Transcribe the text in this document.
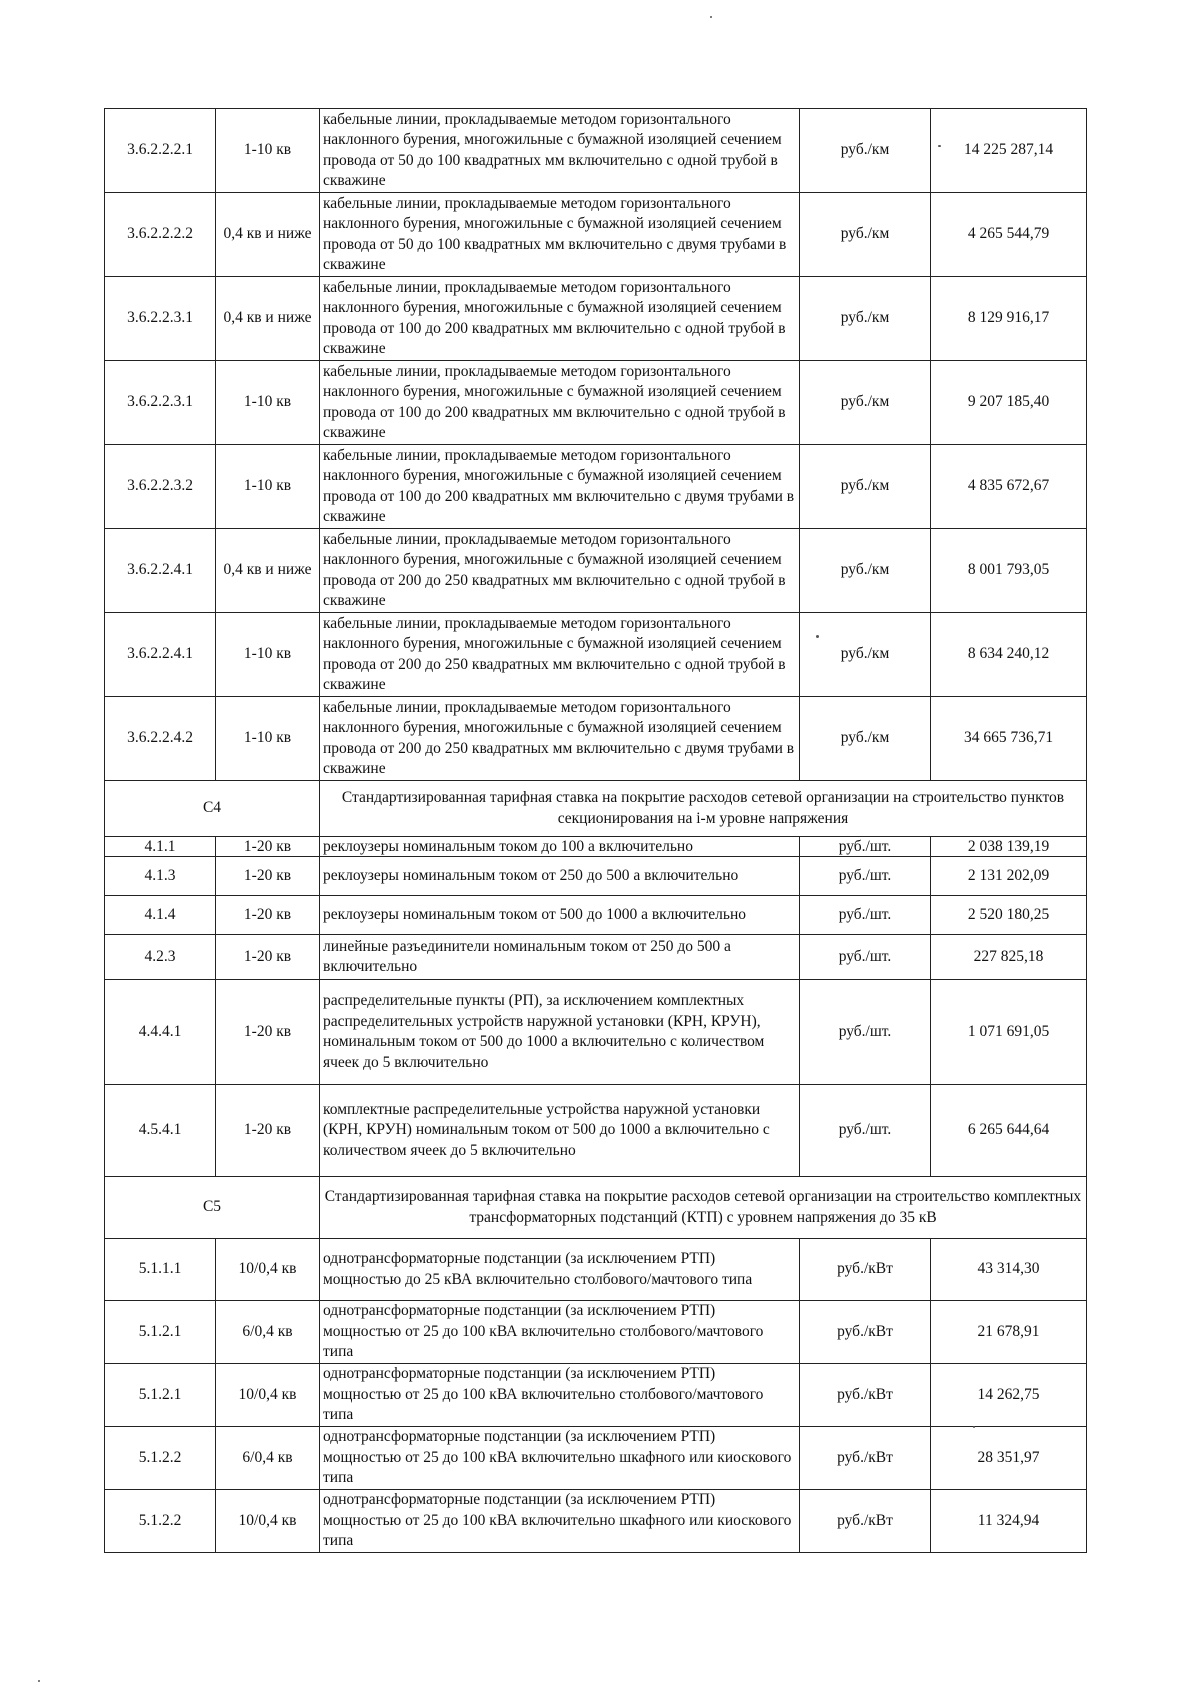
3.6.2.2.2.1	1-10 кв	кабельные линии, прокладываемые методом горизонтального наклонного бурения, многожильные с бумажной изоляцией сечением провода от 50 до 100 квадратных мм включительно с одной трубой в скважине	руб./км	14 225 287,14
3.6.2.2.2.2	0,4 кв и ниже	кабельные линии, прокладываемые методом горизонтального наклонного бурения, многожильные с бумажной изоляцией сечением провода от 50 до 100 квадратных мм включительно с двумя трубами в скважине	руб./км	4 265 544,79
3.6.2.2.3.1	0,4 кв и ниже	кабельные линии, прокладываемые методом горизонтального наклонного бурения, многожильные с бумажной изоляцией сечением провода от 100 до 200 квадратных мм включительно с одной трубой в скважине	руб./км	8 129 916,17
3.6.2.2.3.1	1-10 кв	кабельные линии, прокладываемые методом горизонтального наклонного бурения, многожильные с бумажной изоляцией сечением провода от 100 до 200 квадратных мм включительно с одной трубой в скважине	руб./км	9 207 185,40
3.6.2.2.3.2	1-10 кв	кабельные линии, прокладываемые методом горизонтального наклонного бурения, многожильные с бумажной изоляцией сечением провода от 100 до 200 квадратных мм включительно с двумя трубами в скважине	руб./км	4 835 672,67
3.6.2.2.4.1	0,4 кв и ниже	кабельные линии, прокладываемые методом горизонтального наклонного бурения, многожильные с бумажной изоляцией сечением провода от 200 до 250 квадратных мм включительно с одной трубой в скважине	руб./км	8 001 793,05
3.6.2.2.4.1	1-10 кв	кабельные линии, прокладываемые методом горизонтального наклонного бурения, многожильные с бумажной изоляцией сечением провода от 200 до 250 квадратных мм включительно с одной трубой в скважине	руб./км	8 634 240,12
3.6.2.2.4.2	1-10 кв	кабельные линии, прокладываемые методом горизонтального наклонного бурения, многожильные с бумажной изоляцией сечением провода от 200 до 250 квадратных мм включительно с двумя трубами в скважине	руб./км	34 665 736,71
С4		Стандартизированная тарифная ставка на покрытие расходов сетевой организации на строительство пунктов секционирования на i-м уровне напряжения		
4.1.1	1-20 кв	реклоузеры номинальным током до 100 а включительно	руб./шт.	2 038 139,19
4.1.3	1-20 кв	реклоузеры номинальным током от 250 до 500 а включительно	руб./шт.	2 131 202,09
4.1.4	1-20 кв	реклоузеры номинальным током от 500 до 1000 а включительно	руб./шт.	2 520 180,25
4.2.3	1-20 кв	линейные разъединители номинальным током от 250 до 500 а включительно	руб./шт.	227 825,18
4.4.4.1	1-20 кв	распределительные пункты (РП), за исключением комплектных распределительных устройств наружной установки (КРН, КРУН), номинальным током от 500 до 1000 а включительно с количеством ячеек до 5 включительно	руб./шт.	1 071 691,05
4.5.4.1	1-20 кв	комплектные распределительные устройства наружной установки (КРН, КРУН) номинальным током от 500 до 1000 а включительно с количеством ячеек до 5 включительно	руб./шт.	6 265 644,64
С5		Стандартизированная тарифная ставка на покрытие расходов сетевой организации на строительство комплектных трансформаторных подстанций (КТП) с уровнем напряжения до 35 кВ		
5.1.1.1	10/0,4 кв	однотрансформаторные подстанции (за исключением РТП) мощностью до 25 кВА включительно столбового/мачтового типа	руб./кВт	43 314,30
5.1.2.1	6/0,4 кв	однотрансформаторные подстанции (за исключением РТП) мощностью от 25 до 100 кВА включительно столбового/мачтового типа	руб./кВт	21 678,91
5.1.2.1	10/0,4 кв	однотрансформаторные подстанции (за исключением РТП) мощностью от 25 до 100 кВА включительно столбового/мачтового типа	руб./кВт	14 262,75
5.1.2.2	6/0,4 кв	однотрансформаторные подстанции (за исключением РТП) мощностью от 25 до 100 кВА включительно шкафного или киоскового типа	руб./кВт	28 351,97
5.1.2.2	10/0,4 кв	однотрансформаторные подстанции (за исключением РТП) мощностью от 25 до 100 кВА включительно шкафного или киоскового типа	руб./кВт	11 324,94
